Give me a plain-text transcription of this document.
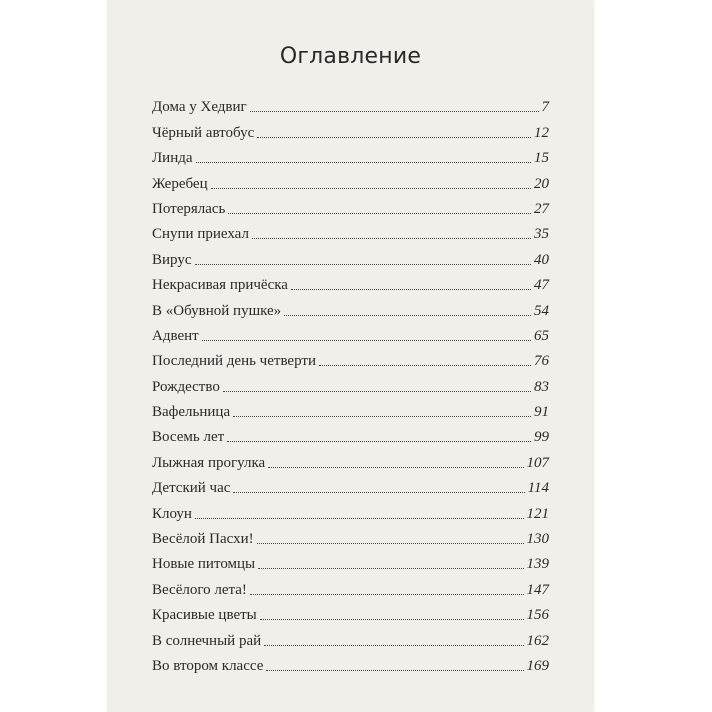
Оглавление
Дома у Хедвиг	7
Чёрный автобус	12
Линда	15
Жеребец	20
Потерялась	27
Снупи приехал	35
Вирус	40
Некрасивая причёска	47
В «Обувной пушке»	54
Адвент	65
Последний день четверти	76
Рождество	83
Вафельница	91
Восемь лет	99
Лыжная прогулка	107
Детский час	114
Клоун	121
Весёлой Пасхи!	130
Новые питомцы	139
Весёлого лета!	147
Красивые цветы	156
В солнечный рай	162
Во втором классе	169
